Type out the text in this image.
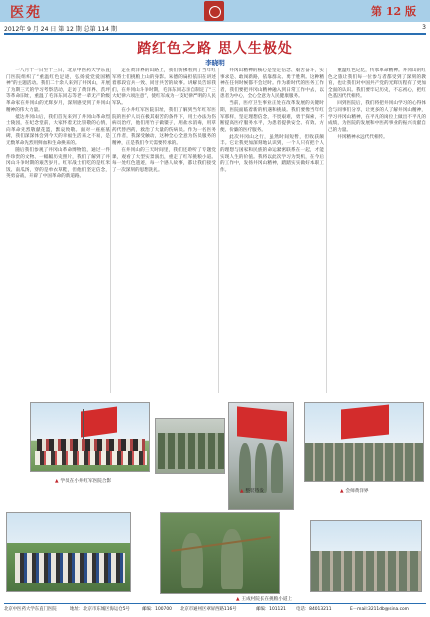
医苑	第 12 版
2012年 9 月 24 日 第 12 期 总第 114 期	3
踏红色之路 思人生极处
李晓明

一八月十一日至十三日，北京中医药大学东直门医院组织了“重温红色足迹，弘扬爱党爱国精神”的主题活动。我们二十余人来到了井冈山，开展了为期三天的学习考察活动，走访了黄洋界、茨坪等革命旧址，重温了毛泽东同志等老一辈无产阶级革命家在井冈山的光辉岁月，深刻感受到了井冈山精神的伟大力量。

抵达井冈山后，我们首先来到了井冈山革命烈士陵园，在纪念堂前，大家怀着无比崇敬的心情，向革命先烈敬献花篮，默哀致敬。面对一座座墓碑，我们深深体会到今天的幸福生活来之不易，是无数革命先烈用鲜血和生命换来的。

随后我们参观了井冈山革命博物馆，通过一件件珍贵的文物、一幅幅历史照片，我们了解到了井冈山斗争时期的艰苦岁月。红军战士们吃的是红米饭、南瓜汤，穿的是单衣草鞋，但他们坚定信念，英勇奋战，开辟了中国革命的新道路。

走在黄洋界的山路上，我们仿佛看到了当年红军将士们挑粮上山的身影。朱德的扁担依旧在讲述着那段官兵一致、同甘共苦的故事。讲解员告诉我们，在井冈山斗争时期，毛泽东同志亲自制定了“三大纪律六项注意”，使红军成为一支纪律严明的人民军队。

在小井红军医院旧址，我们了解到当年红军医院的医护人员在极其艰苦的条件下，用土办法为伤病员治疗，他们用竹子做镊子，用盐水消毒，用草药代替西药，救治了大量的伤病员。作为一名医务工作者，我深受触动，这种全心全意为伤员服务的精神，正是我们今天需要传承的。

在井冈山的三天时间里，我们还聆听了专题党课，观看了大型实景演出，重走了红军挑粮小道。每一处红色遗迹，每一个感人故事，都让我们接受了一次深刻的思想洗礼。

井冈山精神的核心是坚定信念、艰苦奋斗，实事求是、敢闯新路，依靠群众、勇于胜利。这种精神在任何时候都不会过时。作为新时代的医务工作者，我们要把井冈山精神融入到日常工作中去，以患者为中心，全心全意为人民健康服务。

当前，医疗卫生事业正处在改革发展的关键时期，医院面临着新的机遇和挑战。我们要像当年红军那样，坚定理想信念，不畏艰难，勇于探索，不断提高医疗服务水平，为患者提供安全、有效、方便、价廉的医疗服务。

此次井冈山之行，虽然时间短暂，但收获颇丰。它让我更加深刻地认识到，一个人只有把个人的理想与国家和民族的命运紧密联系在一起，才能实现人生的价值。我将以此次学习为契机，在今后的工作中，发扬井冈山精神，踏踏实实做好本职工作。

重温红色记忆，传承革命精神。井冈山的红色之旅让我们每一位参与者都受到了深刻的教育，也让我们对中国共产党的光辉历程有了更加全面的认识。我们要牢记历史，不忘初心，把红色基因代代相传。

回到医院后，我们将把井冈山学习的心得体会与同事们分享，让更多的人了解井冈山精神，学习井冈山精神，在平凡的岗位上做出不平凡的成绩，为医院的发展和中医药事业的振兴贡献自己的力量。

井冈精神永远代代相传。

▲ 学员在小井红军医院合影
▲ 整装待发	▲ 会师黄洋界
▲ 王成村院长在挑粮小道上
北京中医药大学东直门医院	地址：北京市东城区海运仓5号	邮编：100700 北京市通州区翠屏西路116号	邮编：101121 电话：84013211	E－mail:3211db@sina.com
